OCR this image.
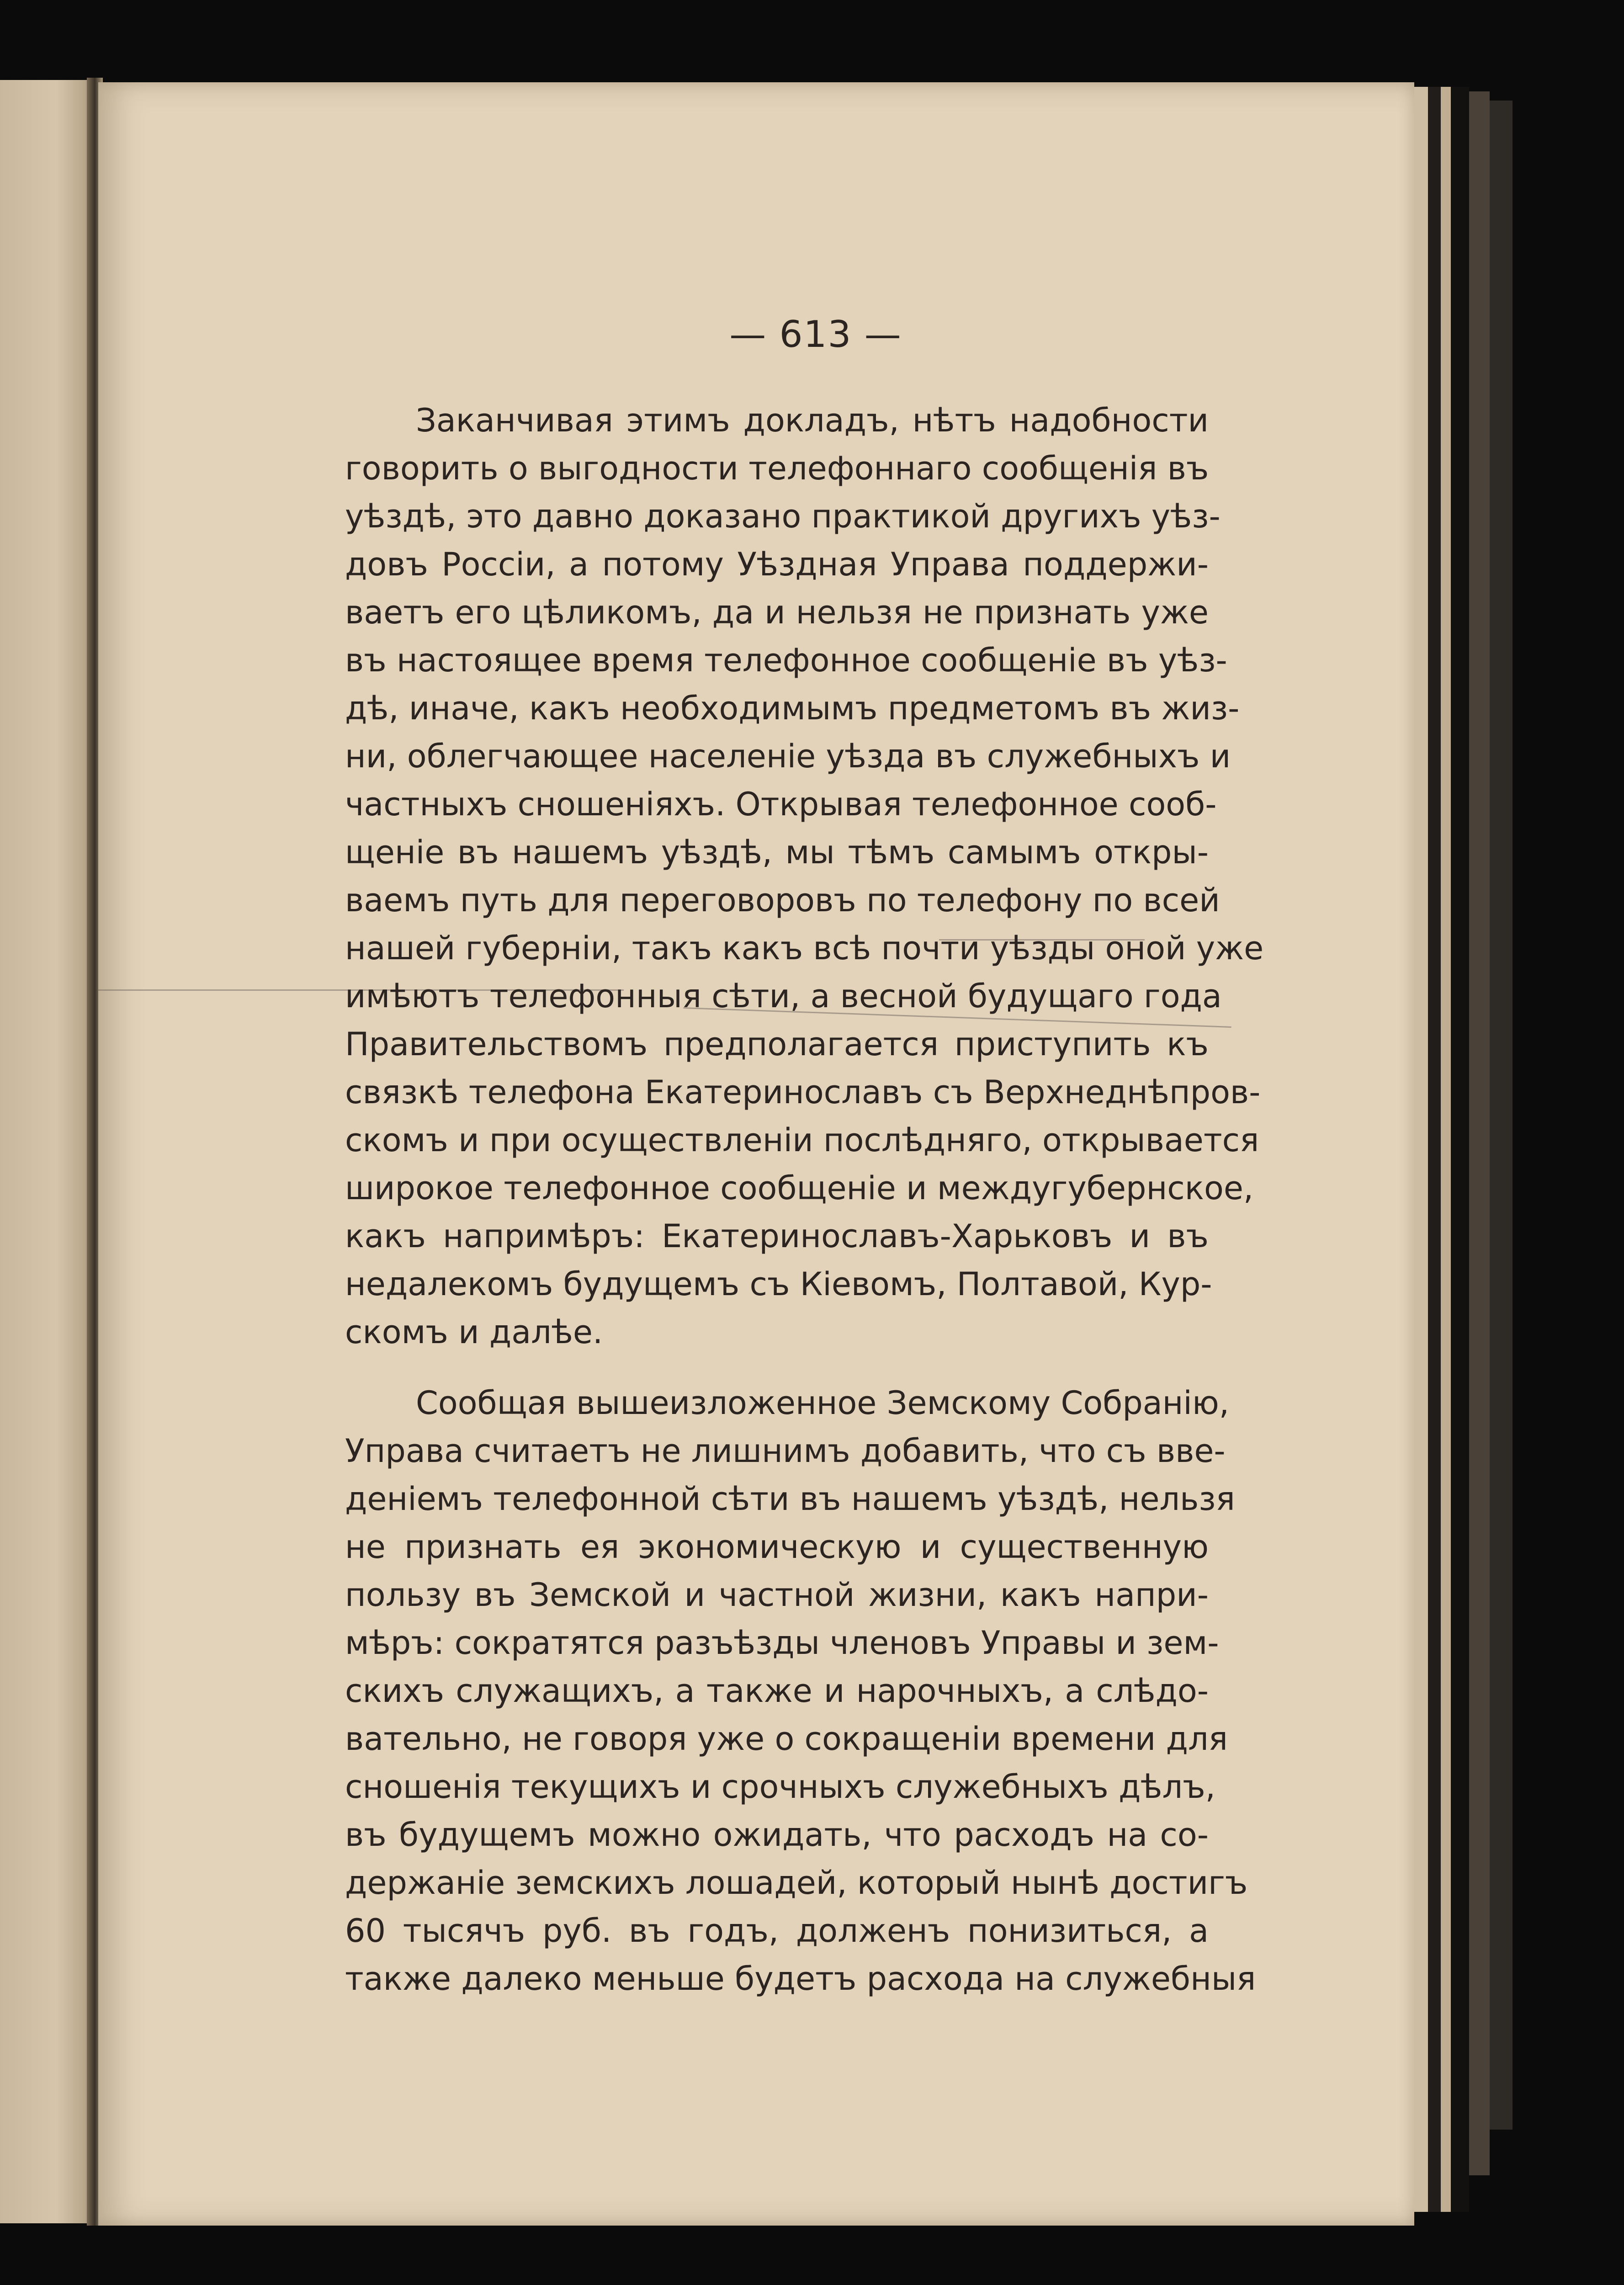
— 613 —
Заканчивая этимъ докладъ, нѣтъ надобности
говорить о выгодности телефоннаго сообщенія въ
уѣздѣ, это давно доказано практикой другихъ уѣз-
довъ Россіи, а потому Уѣздная Управа поддержи-
ваетъ его цѣликомъ, да и нельзя не признать уже
въ настоящее время телефонное сообщеніе въ уѣз-
дѣ, иначе, какъ необходимымъ предметомъ въ жиз-
ни, облегчающее населеніе уѣзда въ служебныхъ и
частныхъ сношеніяхъ. Открывая телефонное сооб-
щеніе въ нашемъ уѣздѣ, мы тѣмъ самымъ откры-
ваемъ путь для переговоровъ по телефону по всей
нашей губерніи, такъ какъ всѣ почти уѣзды оной уже
имѣютъ телефонныя сѣти, а весной будущаго года
Правительствомъ предполагается приступить къ
связкѣ телефона Екатеринославъ съ Верхнеднѣпров-
скомъ и при осуществленіи послѣдняго, открывается
широкое телефонное сообщеніе и междугубернское,
какъ напримѣръ: Екатеринославъ-Харьковъ и въ
недалекомъ будущемъ съ Кіевомъ, Полтавой, Кур-
скомъ и далѣе.
Сообщая вышеизложенное Земскому Собранію,
Управа считаетъ не лишнимъ добавить, что съ вве-
деніемъ телефонной сѣти въ нашемъ уѣздѣ, нельзя
не признать ея экономическую и существенную
пользу въ Земской и частной жизни, какъ напри-
мѣръ: сократятся разъѣзды членовъ Управы и зем-
скихъ служащихъ, а также и нарочныхъ, а слѣдо-
вательно, не говоря уже о сокращеніи времени для
сношенія текущихъ и срочныхъ служебныхъ дѣлъ,
въ будущемъ можно ожидать, что расходъ на со-
держаніе земскихъ лошадей, который нынѣ достигъ
60 тысячъ руб. въ годъ, долженъ понизиться, а
также далеко меньше будетъ расхода на служебныя
